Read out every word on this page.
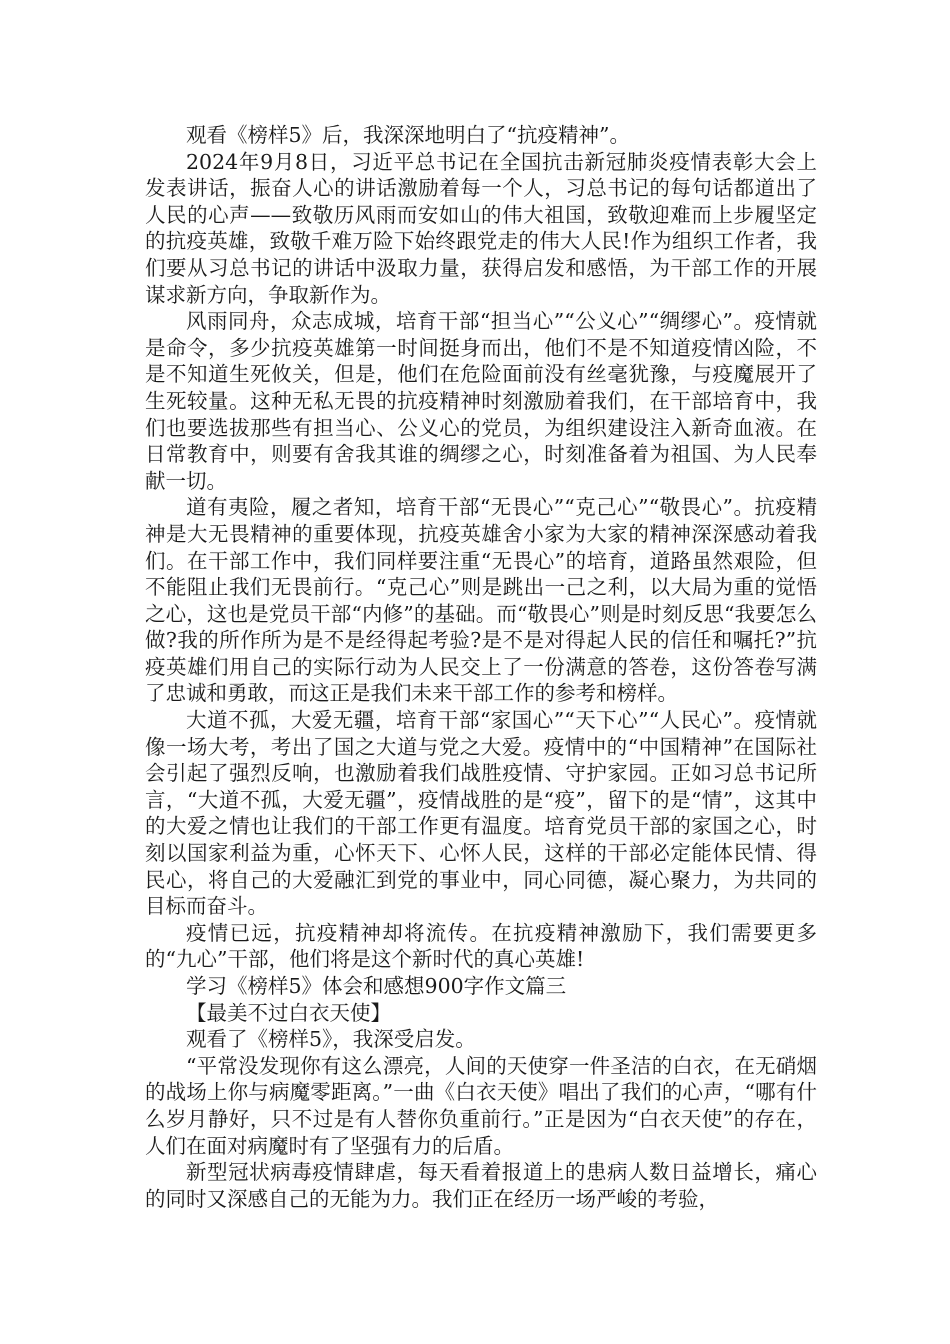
观看《榜样5》后，我深深地明白了“抗疫精神”。

2024年9月8日，习近平总书记在全国抗击新冠肺炎疫情表彰大会上发表讲话，振奋人心的讲话激励着每一个人，习总书记的每句话都道出了人民的心声——致敬历风雨而安如山的伟大祖国，致敬迎难而上步履坚定的抗疫英雄，致敬千难万险下始终跟党走的伟大人民!作为组织工作者，我们要从习总书记的讲话中汲取力量，获得启发和感悟，为干部工作的开展谋求新方向，争取新作为。

风雨同舟，众志成城，培育干部“担当心”“公义心”“绸缪心”。疫情就是命令，多少抗疫英雄第一时间挺身而出，他们不是不知道疫情凶险，不是不知道生死攸关，但是，他们在危险面前没有丝毫犹豫，与疫魔展开了生死较量。这种无私无畏的抗疫精神时刻激励着我们，在干部培育中，我们也要选拔那些有担当心、公义心的党员，为组织建设注入新奇血液。在日常教育中，则要有舍我其谁的绸缪之心，时刻准备着为祖国、为人民奉献一切。

道有夷险，履之者知，培育干部“无畏心”“克己心”“敬畏心”。抗疫精神是大无畏精神的重要体现，抗疫英雄舍小家为大家的精神深深感动着我们。在干部工作中，我们同样要注重“无畏心”的培育，道路虽然艰险，但不能阻止我们无畏前行。“克己心”则是跳出一己之利，以大局为重的觉悟之心，这也是党员干部“内修”的基础。而“敬畏心”则是时刻反思“我要怎么做?我的所作所为是不是经得起考验?是不是对得起人民的信任和嘱托?”抗疫英雄们用自己的实际行动为人民交上了一份满意的答卷，这份答卷写满了忠诚和勇敢，而这正是我们未来干部工作的参考和榜样。

大道不孤，大爱无疆，培育干部“家国心”“天下心”“人民心”。疫情就像一场大考，考出了国之大道与党之大爱。疫情中的“中国精神”在国际社会引起了强烈反响，也激励着我们战胜疫情、守护家园。正如习总书记所言，“大道不孤，大爱无疆”，疫情战胜的是“疫”，留下的是“情”，这其中的大爱之情也让我们的干部工作更有温度。培育党员干部的家国之心，时刻以国家利益为重，心怀天下、心怀人民，这样的干部必定能体民情、得民心，将自己的大爱融汇到党的事业中，同心同德，凝心聚力，为共同的目标而奋斗。

疫情已远，抗疫精神却将流传。在抗疫精神激励下，我们需要更多的“九心”干部，他们将是这个新时代的真心英雄!

学习《榜样5》体会和感想900字作文篇三

【最美不过白衣天使】

观看了《榜样5》，我深受启发。

“平常没发现你有这么漂亮，人间的天使穿一件圣洁的白衣，在无硝烟的战场上你与病魔零距离。”一曲《白衣天使》唱出了我们的心声，“哪有什么岁月静好，只不过是有人替你负重前行。”正是因为“白衣天使”的存在，人们在面对病魔时有了坚强有力的后盾。

新型冠状病毒疫情肆虐，每天看着报道上的患病人数日益增长，痛心的同时又深感自己的无能为力。我们正在经历一场严峻的考验，
